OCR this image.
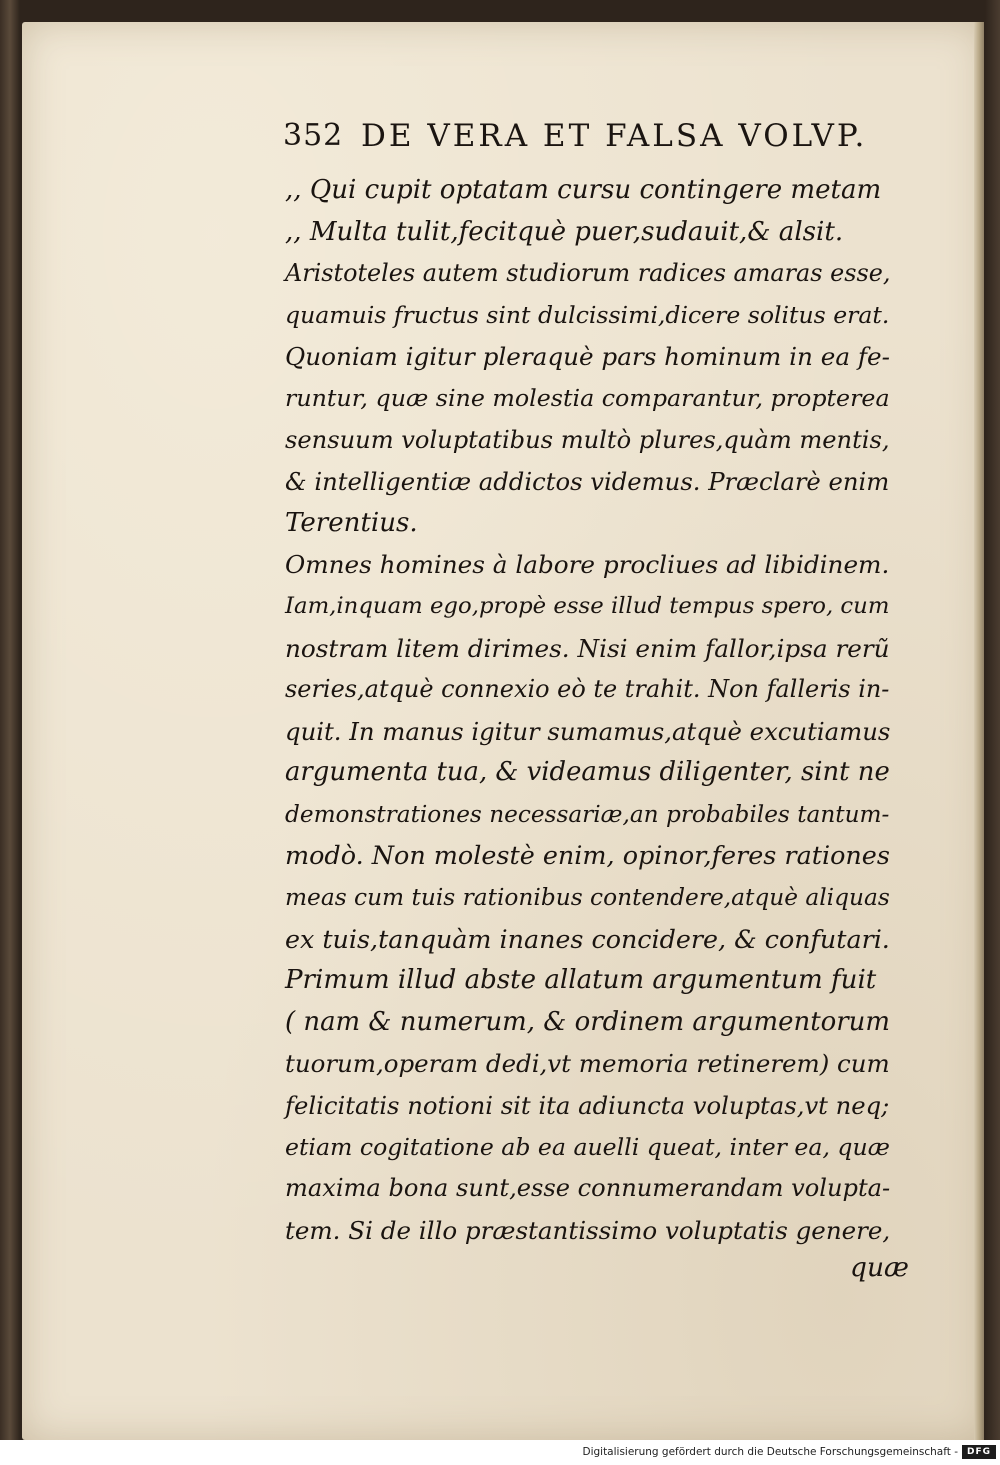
352 DE VERA ET FALSA VOLVP.
,, Qui cupit optatam cursu contingere metam
,, Multa tulit,fecitquè puer,sudauit,& alsit.
Aristoteles autem studiorum radices amaras esse,
quamuis fructus sint dulcissimi,dicere solitus erat.
Quoniam igitur pleraquè pars hominum in ea fe-
runtur, quæ sine molestia comparantur, propterea
sensuum voluptatibus multò plures,quàm mentis,
& intelligentiæ addictos videmus. Præclarè enim
Terentius.
Omnes homines à labore procliues ad libidinem.
Iam,inquam ego,propè esse illud tempus spero, cum
nostram litem dirimes. Nisi enim fallor,ipsa rerũ
series,atquè connexio eò te trahit. Non falleris in-
quit. In manus igitur sumamus,atquè excutiamus
argumenta tua, & videamus diligenter, sint ne
demonstrationes necessariæ,an probabiles tantum-
modò. Non molestè enim, opinor,feres rationes
meas cum tuis rationibus contendere,atquè aliquas
ex tuis,tanquàm inanes concidere, & confutari.
Primum illud abste allatum argumentum fuit
( nam & numerum, & ordinem argumentorum
tuorum,operam dedi,vt memoria retinerem) cum
felicitatis notioni sit ita adiuncta voluptas,vt neq;
etiam cogitatione ab ea auelli queat, inter ea, quæ
maxima bona sunt,esse connumerandam volupta-
tem. Si de illo præstantissimo voluptatis genere,
quæ
Digitalisierung gefördert durch die Deutsche Forschungsgemeinschaft - DFG
